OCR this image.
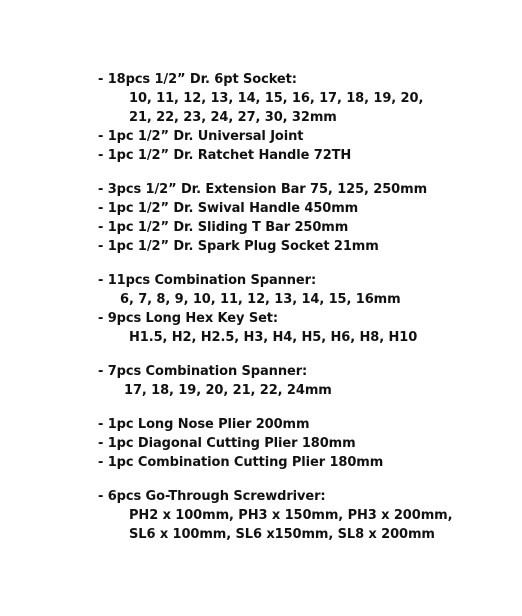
- 18pcs 1/2” Dr. 6pt Socket:
10, 11, 12, 13, 14, 15, 16, 17, 18, 19, 20,
21, 22, 23, 24, 27, 30, 32mm
- 1pc 1/2” Dr. Universal Joint
- 1pc 1/2” Dr. Ratchet Handle 72TH
- 3pcs 1/2” Dr. Extension Bar 75, 125, 250mm
- 1pc 1/2” Dr. Swival Handle 450mm
- 1pc 1/2” Dr. Sliding T Bar 250mm
- 1pc 1/2” Dr. Spark Plug Socket 21mm
- 11pcs Combination Spanner:
6, 7, 8, 9, 10, 11, 12, 13, 14, 15, 16mm
- 9pcs Long Hex Key Set:
H1.5, H2, H2.5, H3, H4, H5, H6, H8, H10
- 7pcs Combination Spanner:
17, 18, 19, 20, 21, 22, 24mm
- 1pc Long Nose Plier 200mm
- 1pc Diagonal Cutting Plier 180mm
- 1pc Combination Cutting Plier 180mm
- 6pcs Go-Through Screwdriver:
PH2 x 100mm, PH3 x 150mm, PH3 x 200mm,
SL6 x 100mm, SL6 x150mm, SL8 x 200mm
